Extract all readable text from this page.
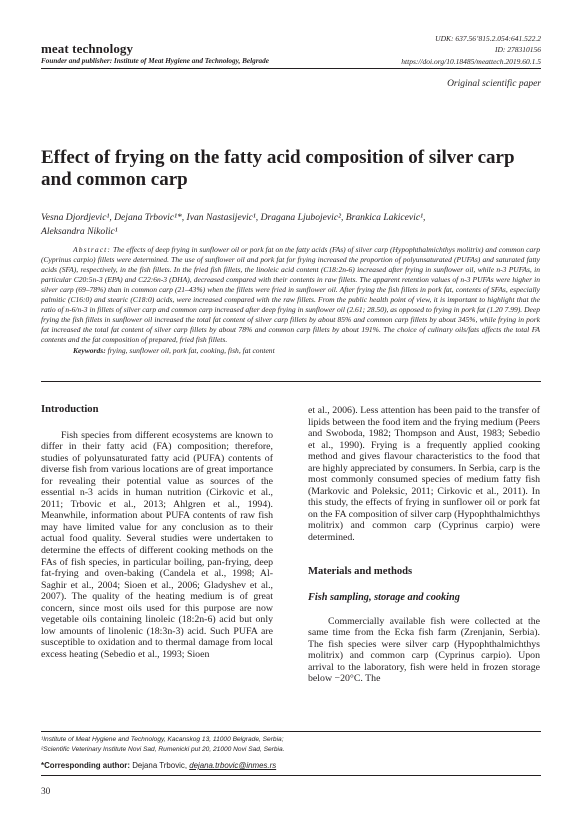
meat technology
Founder and publisher: Institute of Meat Hygiene and Technology, Belgrade
UDK: 637.56’815.2.054:641.522.2
ID: 278310156
https://doi.org/10.18485/meattech.2019.60.1.5
Original scientific paper
Effect of frying on the fatty acid composition of silver carp and common carp
Vesna Djordjevic¹, Dejana Trbovic¹*, Ivan Nastasijevic¹, Dragana Ljubojevic², Brankica Lakicevic¹,
Aleksandra Nikolic¹

Abstract: The effects of deep frying in sunflower oil or pork fat on the fatty acids (FAs) of silver carp (Hypophthalmichthys molitrix) and common carp (Cyprinus carpio) fillets were determined. The use of sunflower oil and pork fat for frying increased the proportion of polyunsaturated (PUFAs) and saturated fatty acids (SFA), respectively, in the fish fillets. In the fried fish fillets, the linoleic acid content (C18:2n-6) increased after frying in sunflower oil, while n-3 PUFAs, in particular C20:5n-3 (EPA) and C22:6n-3 (DHA), decreased compared with their contents in raw fillets. The apparent retention values of n-3 PUFAs were higher in silver carp (69–78%) than in common carp (21–43%) when the fillets were fried in sunflower oil. After frying the fish fillets in pork fat, contents of SFAs, especially palmitic (C16:0) and stearic (C18:0) acids, were increased compared with the raw fillets. From the public health point of view, it is important to highlight that the ratio of n-6/n-3 in fillets of silver carp and common carp increased after deep frying in sunflower oil (2.61; 28.50), as opposed to frying in pork fat (1.20 7.99). Deep frying the fish fillets in sunflower oil increased the total fat content of silver carp fillets by about 85% and common carp fillets by about 345%, while frying in pork fat increased the total fat content of silver carp fillets by about 78% and common carp fillets by about 191%. The choice of culinary oils/fats affects the total FA contents and the fat composition of prepared, fried fish fillets.

Keywords: frying, sunflower oil, pork fat, cooking, fish, fat content
Introduction

Fish species from different ecosystems are known to differ in their fatty acid (FA) composition; therefore, studies of polyunsaturated fatty acid (PUFA) contents of diverse fish from various locations are of great importance for revealing their potential value as sources of the essential n-3 acids in human nutrition (Cirkovic et al., 2011; Trbovic et al., 2013; Ahlgren et al., 1994). Meanwhile, information about PUFA contents of raw fish may have limited value for any conclusion as to their actual food quality. Several studies were undertaken to determine the effects of different cooking methods on the FAs of fish species, in particular boiling, pan-frying, deep fat-frying and oven-baking (Candela et al., 1998; Al-Saghir et al., 2004; Sioen et al., 2006; Gladyshev et al., 2007). The quality of the heating medium is of great concern, since most oils used for this purpose are now vegetable oils containing linoleic (18:2n-6) acid but only low amounts of linolenic (18:3n-3) acid. Such PUFA are susceptible to oxidation and to thermal damage from local excess heating (Sebedio et al., 1993; Sioen

et al., 2006). Less attention has been paid to the transfer of lipids between the food item and the frying medium (Peers and Swoboda, 1982; Thompson and Aust, 1983; Sebedio et al., 1990). Frying is a frequently applied cooking method and gives flavour characteristics to the food that are highly appreciated by consumers. In Serbia, carp is the most commonly consumed species of medium fatty fish (Markovic and Poleksic, 2011; Cirkovic et al., 2011). In this study, the effects of frying in sunflower oil or pork fat on the FA composition of silver carp (Hypophthalmichthys molitrix) and common carp (Cyprinus carpio) were determined.

Materials and methods
Fish sampling, storage and cooking

Commercially available fish were collected at the same time from the Ecka fish farm (Zrenjanin, Serbia). The fish species were silver carp (Hypophthalmichthys molitrix) and common carp (Cyprinus carpio). Upon arrival to the laboratory, fish were held in frozen storage below −20°C. The

¹Institute of Meat Hygiene and Technology, Kacanskog 13, 11000 Belgrade, Serbia;
²Scientific Veterinary Institute Novi Sad, Rumenicki put 20, 21000 Novi Sad, Serbia.
*Corresponding author: Dejana Trbovic, dejana.trbovic@inmes.rs
30
